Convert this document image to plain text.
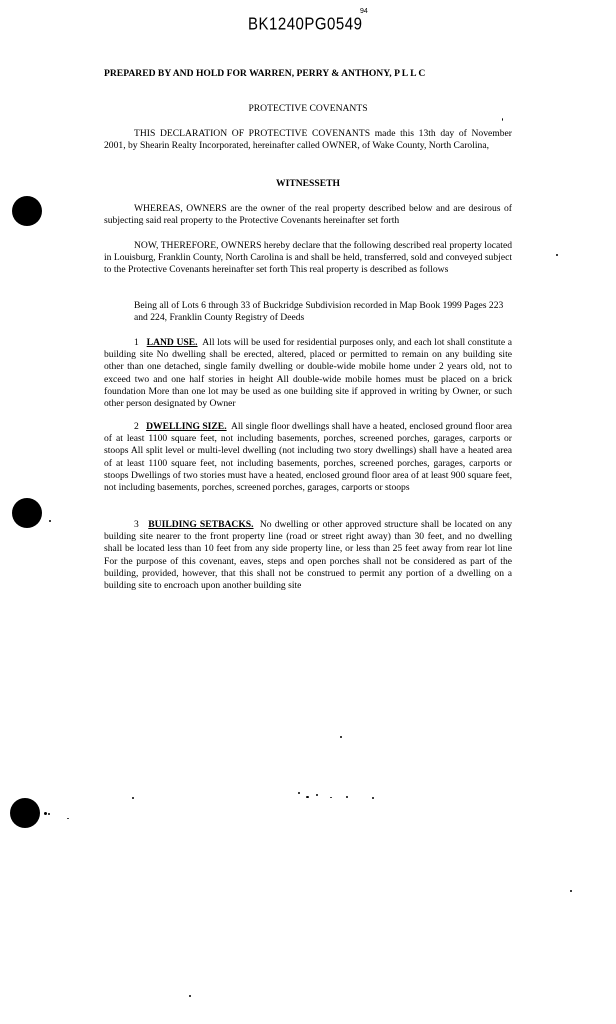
BK1240PG0549
94
PREPARED BY AND HOLD FOR WARREN, PERRY & ANTHONY, P L L C
PROTECTIVE COVENANTS
THIS DECLARATION OF PROTECTIVE COVENANTS made this 13th day of November 2001, by Shearin Realty Incorporated, hereinafter called OWNER, of Wake County, North Carolina,
WITNESSETH
WHEREAS, OWNERS are the owner of the real property described below and are desirous of subjecting said real property to the Protective Covenants hereinafter set forth
NOW, THEREFORE, OWNERS hereby declare that the following described real property located in Louisburg, Franklin County, North Carolina is and shall be held, transferred, sold and conveyed subject to the Protective Covenants hereinafter set forth This real property is described as follows
Being all of Lots 6 through 33 of Buckridge Subdivision recorded in Map Book 1999 Pages 223 and 224, Franklin County Registry of Deeds
1 LAND USE. All lots will be used for residential purposes only, and each lot shall constitute a building site No dwelling shall be erected, altered, placed or permitted to remain on any building site other than one detached, single family dwelling or double-wide mobile home under 2 years old, not to exceed two and one half stories in height All double-wide mobile homes must be placed on a brick foundation More than one lot may be used as one building site if approved in writing by Owner, or such other person designated by Owner
2 DWELLING SIZE. All single floor dwellings shall have a heated, enclosed ground floor area of at least 1100 square feet, not including basements, porches, screened porches, garages, carports or stoops All split level or multi-level dwelling (not including two story dwellings) shall have a heated area of at least 1100 square feet, not including basements, porches, screened porches, garages, carports or stoops Dwellings of two stories must have a heated, enclosed ground floor area of at least 900 square feet, not including basements, porches, screened porches, garages, carports or stoops
3 BUILDING SETBACKS. No dwelling or other approved structure shall be located on any building site nearer to the front property line (road or street right away) than 30 feet, and no dwelling shall be located less than 10 feet from any side property line, or less than 25 feet away from rear lot line For the purpose of this covenant, eaves, steps and open porches shall not be considered as part of the building, provided, however, that this shall not be construed to permit any portion of a dwelling on a building site to encroach upon another building site
